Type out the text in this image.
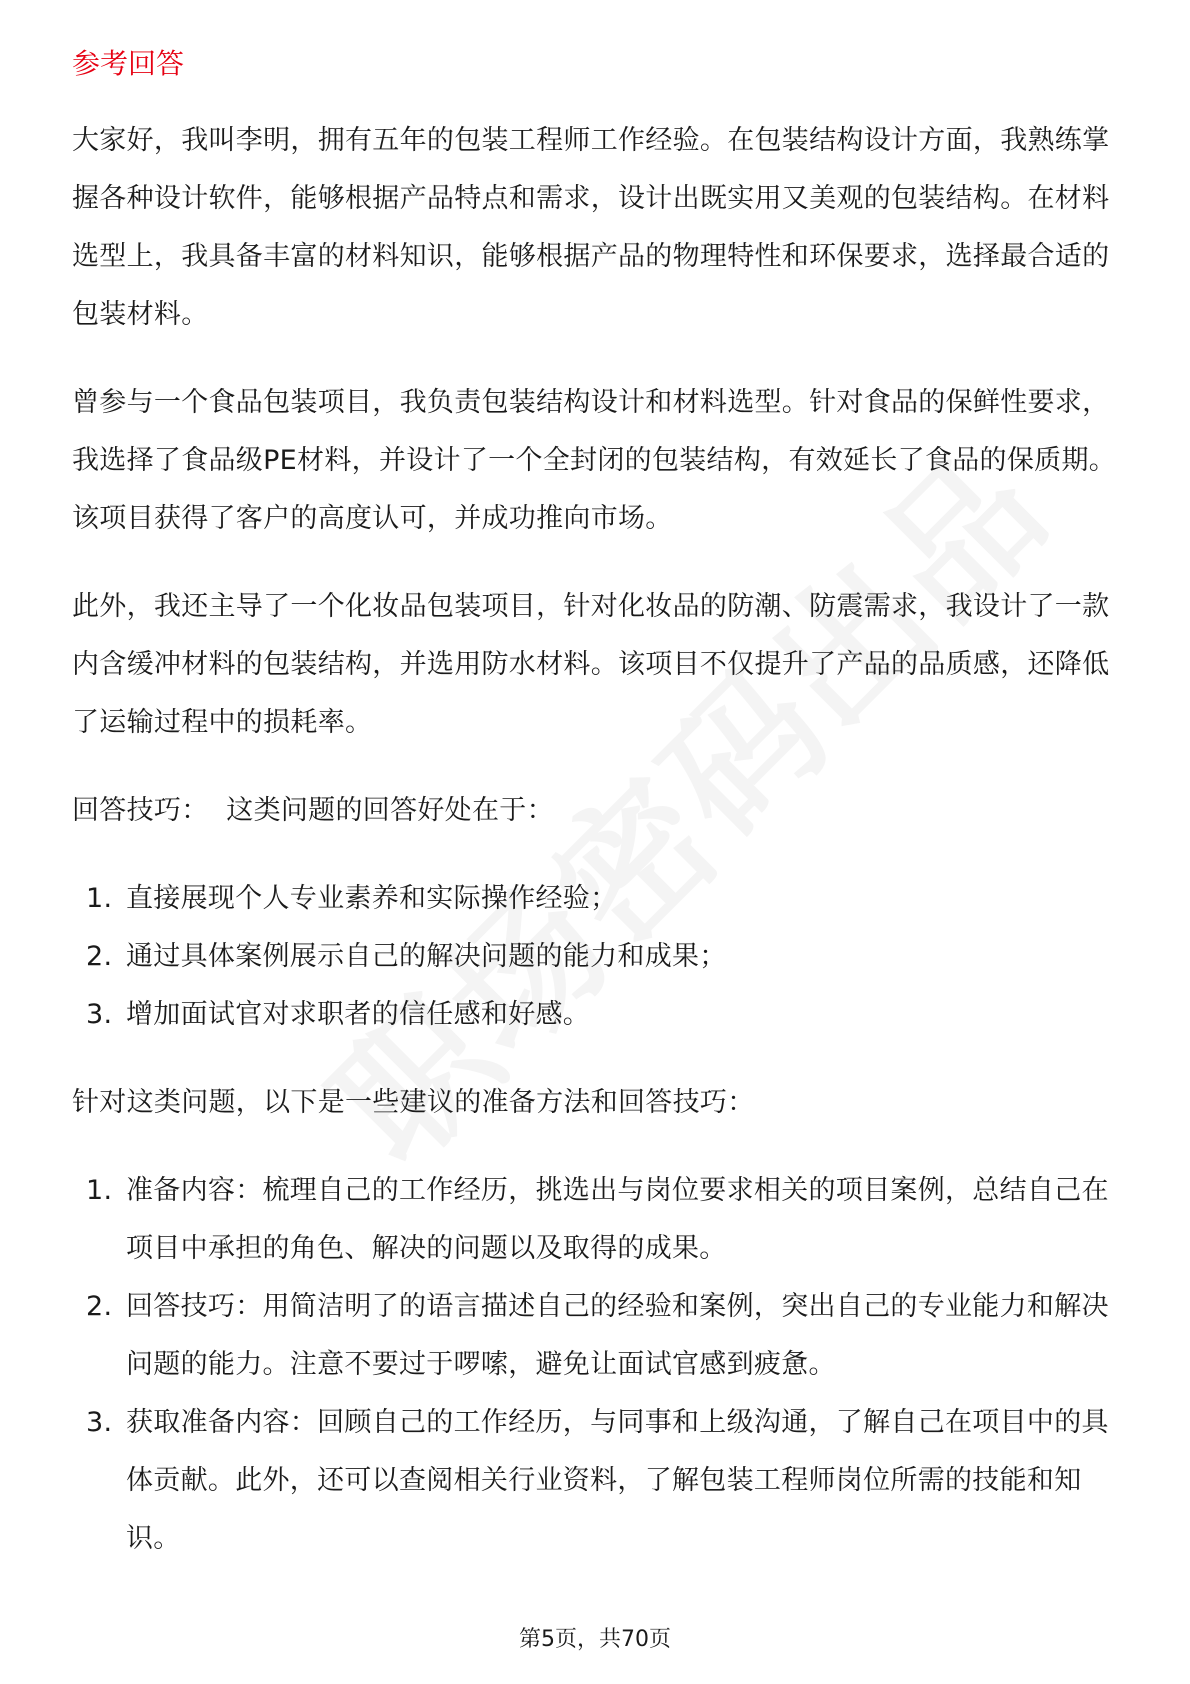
参考回答

大家好，我叫李明，拥有五年的包装工程师工作经验。在包装结构设计方面，我熟练掌握各种设计软件，能够根据产品特点和需求，设计出既实用又美观的包装结构。在材料选型上，我具备丰富的材料知识，能够根据产品的物理特性和环保要求，选择最合适的包装材料。

曾参与一个食品包装项目，我负责包装结构设计和材料选型。针对食品的保鲜性要求，我选择了食品级PE材料，并设计了一个全封闭的包装结构，有效延长了食品的保质期。该项目获得了客户的高度认可，并成功推向市场。

此外，我还主导了一个化妆品包装项目，针对化妆品的防潮、防震需求，我设计了一款内含缓冲材料的包装结构，并选用防水材料。该项目不仅提升了产品的品质感，还降低了运输过程中的损耗率。

回答技巧：  这类问题的回答好处在于：

1. 直接展现个人专业素养和实际操作经验；
2. 通过具体案例展示自己的解决问题的能力和成果；
3. 增加面试官对求职者的信任感和好感。

针对这类问题，以下是一些建议的准备方法和回答技巧：

1. 准备内容：梳理自己的工作经历，挑选出与岗位要求相关的项目案例，总结自己在项目中承担的角色、解决的问题以及取得的成果。
2. 回答技巧：用简洁明了的语言描述自己的经验和案例，突出自己的专业能力和解决问题的能力。注意不要过于啰嗦，避免让面试官感到疲惫。
3. 获取准备内容：回顾自己的工作经历，与同事和上级沟通，了解自己在项目中的具体贡献。此外，还可以查阅相关行业资料，了解包装工程师岗位所需的技能和知识。
第5页，共70页
